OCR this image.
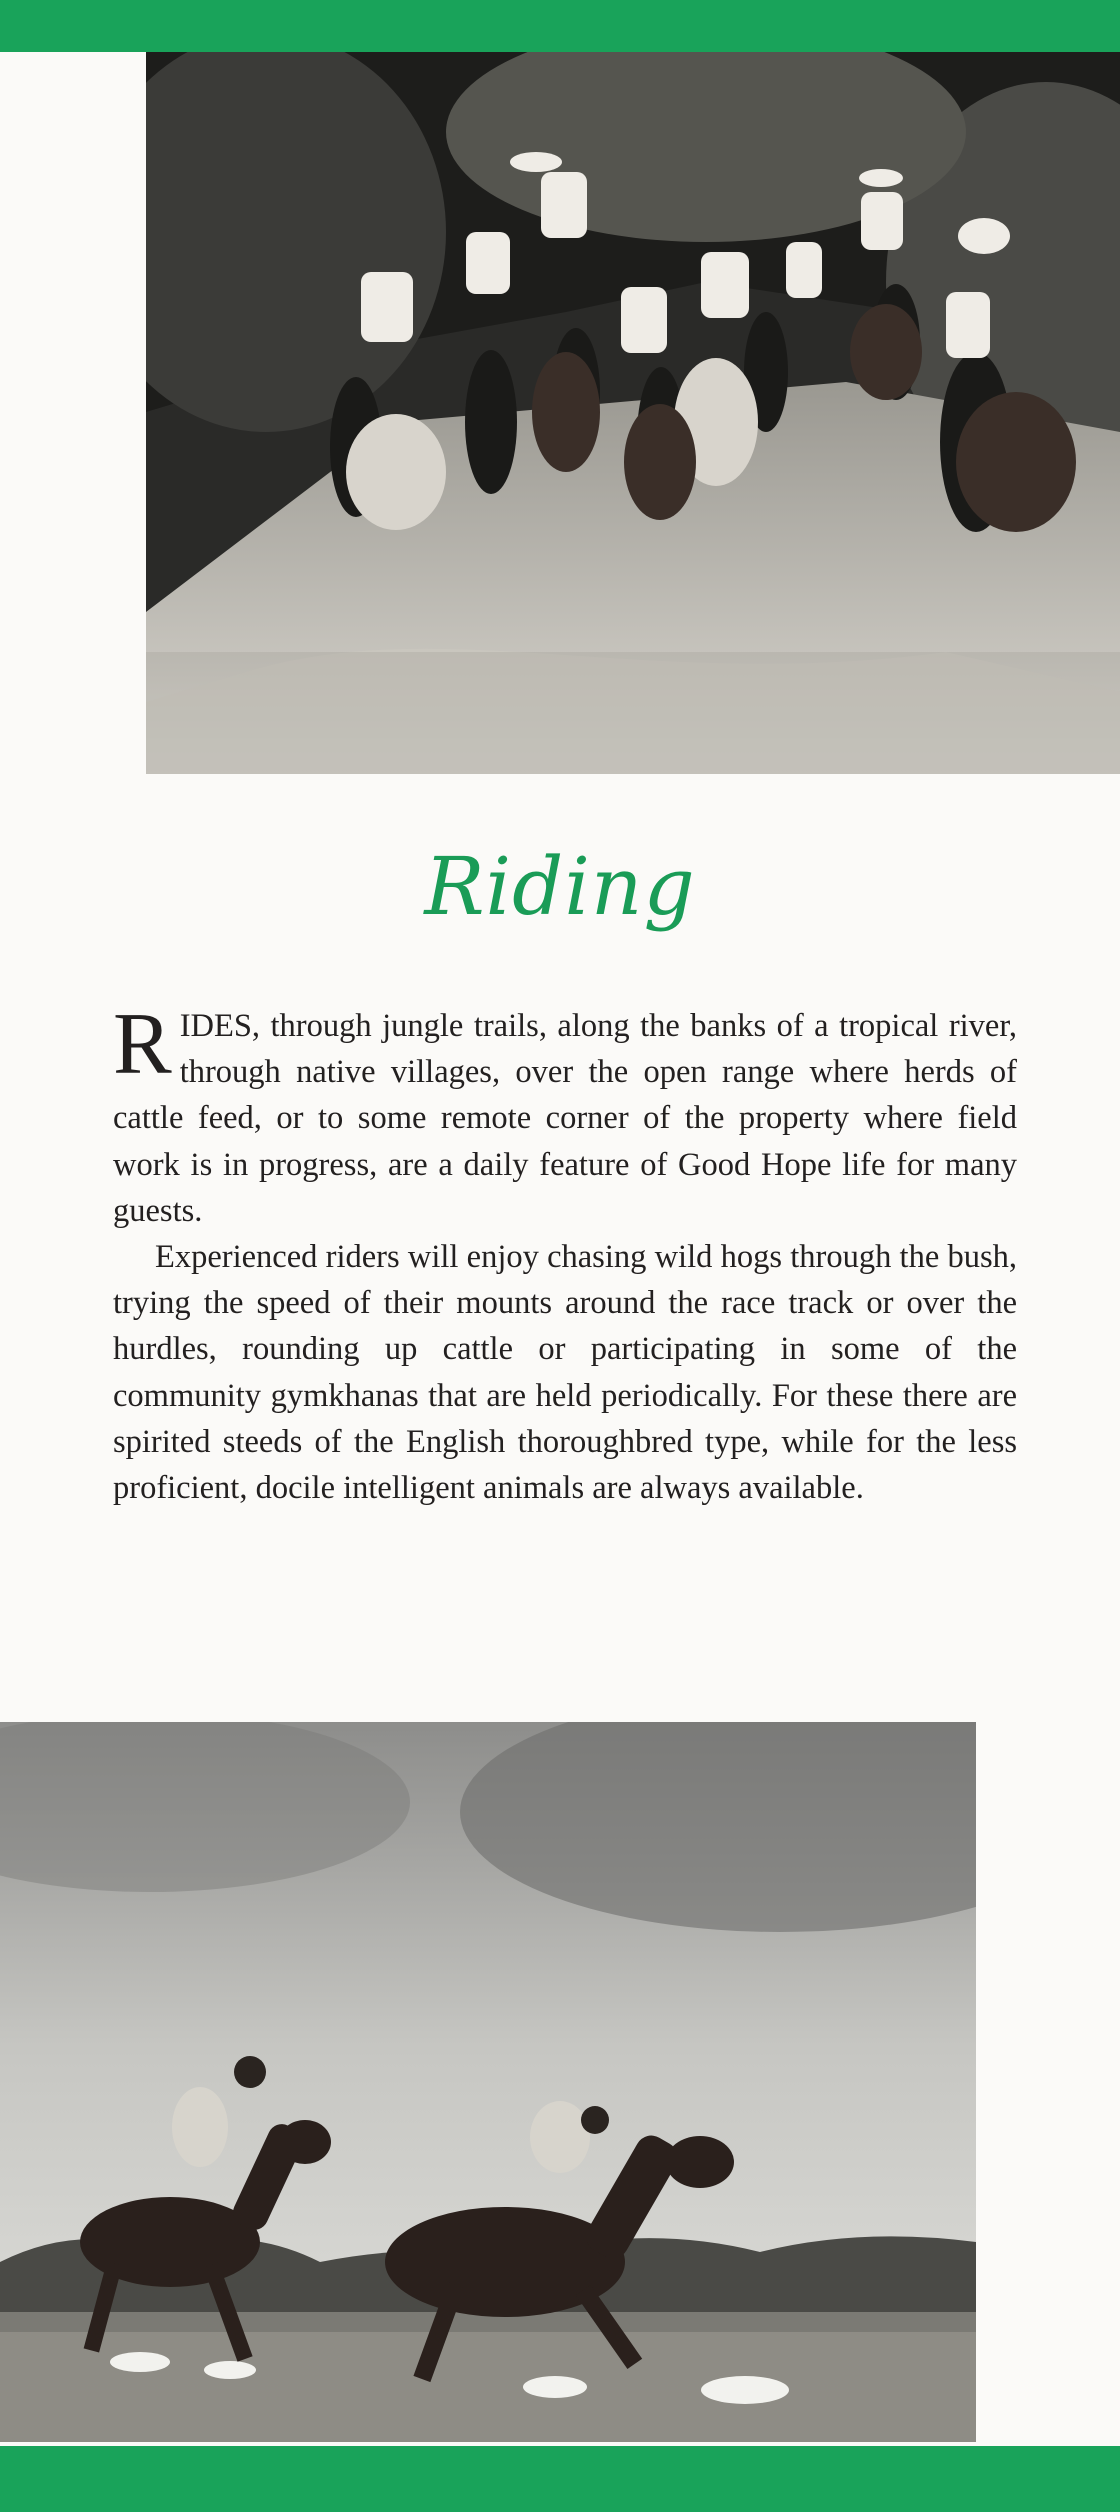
Riding

RIDES, through jungle trails, along the banks of a tropical river, through native villages, over the open range where herds of cattle feed, or to some remote corner of the property where field work is in progress, are a daily feature of Good Hope life for many guests.

Experienced riders will enjoy chasing wild hogs through the bush, trying the speed of their mounts around the race track or over the hurdles, rounding up cattle or participating in some of the community gymkhanas that are held periodically. For these there are spirited steeds of the English thoroughbred type, while for the less proficient, docile intelligent animals are always available.
